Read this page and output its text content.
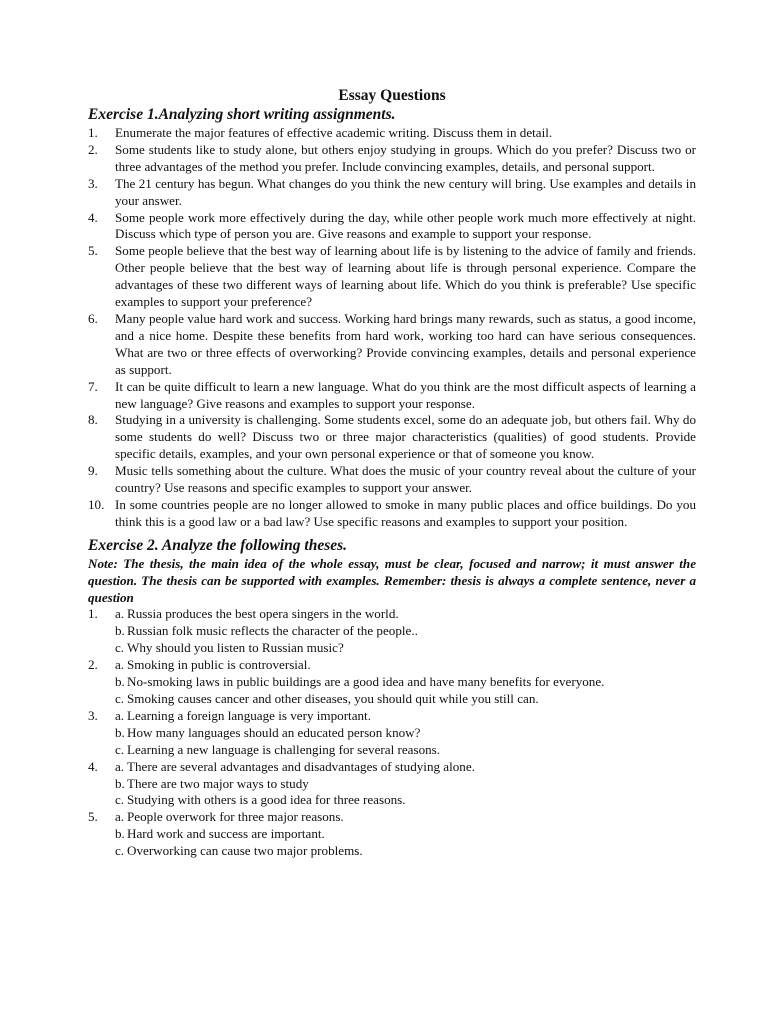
Essay Questions
Exercise 1.Analyzing short writing assignments.
1.	Enumerate the major features of effective academic writing. Discuss them in detail.
2.	Some students like to study alone, but others enjoy studying in groups. Which do you prefer? Discuss two or three advantages of the method you prefer. Include convincing examples, details, and personal support.
3.	The 21 century has begun. What changes do you think the new century will bring. Use examples and details in your answer.
4.	Some people work more effectively during the day, while other people work much more effectively at night. Discuss which type of person you are. Give reasons and example to support your response.
5.	Some people believe that the best way of learning about life is by listening to the advice of family and friends. Other people believe that the best way of learning about life is through personal experience. Compare the advantages of these two different ways of learning about life. Which do you think is preferable? Use specific examples to support your preference?
6.	Many people value hard work and success. Working hard brings many rewards, such as status, a good income, and a nice home. Despite these benefits from hard work, working too hard can have serious consequences. What are two or three effects of overworking? Provide convincing examples, details and personal experience as support.
7.	It can be quite difficult to learn a new language. What do you think are the most difficult aspects of learning a new language? Give reasons and examples to support your response.
8.	Studying in a university is challenging. Some students excel, some do an adequate job, but others fail. Why do some students do well? Discuss two or three major characteristics (qualities) of good students. Provide specific details, examples, and your own personal experience or that of someone you know.
9.	Music tells something about the culture. What does the music of your country reveal about the culture of your country? Use reasons and specific examples to support your answer.
10. In some countries people are no longer allowed to smoke in many public places and office buildings. Do you think this is a good law or a bad law? Use specific reasons and examples to support your position.
Exercise 2. Analyze the following theses.
Note: The thesis, the main idea of the whole essay, must be clear, focused and narrow; it must answer the question. The thesis can be supported with examples. Remember: thesis is always a complete sentence, never a question
1.	a. Russia produces the best opera singers in the world.
b. Russian folk music reflects the character of the people..
c. Why should you listen to Russian music?
2.	a. Smoking in public is controversial.
b. No-smoking laws in public buildings are a good idea and have many benefits for everyone.
c. Smoking causes cancer and other diseases, you should quit while you still can.
3.	a. Learning a foreign language is very important.
b. How many languages should an educated person know?
c. Learning a new language is challenging for several reasons.
4.	a. There are several advantages and disadvantages of studying alone.
b. There are two major ways to study
c. Studying with others is a good idea for three reasons.
5.	a. People overwork for three major reasons.
b. Hard work and success are important.
c. Overworking can cause two major problems.
